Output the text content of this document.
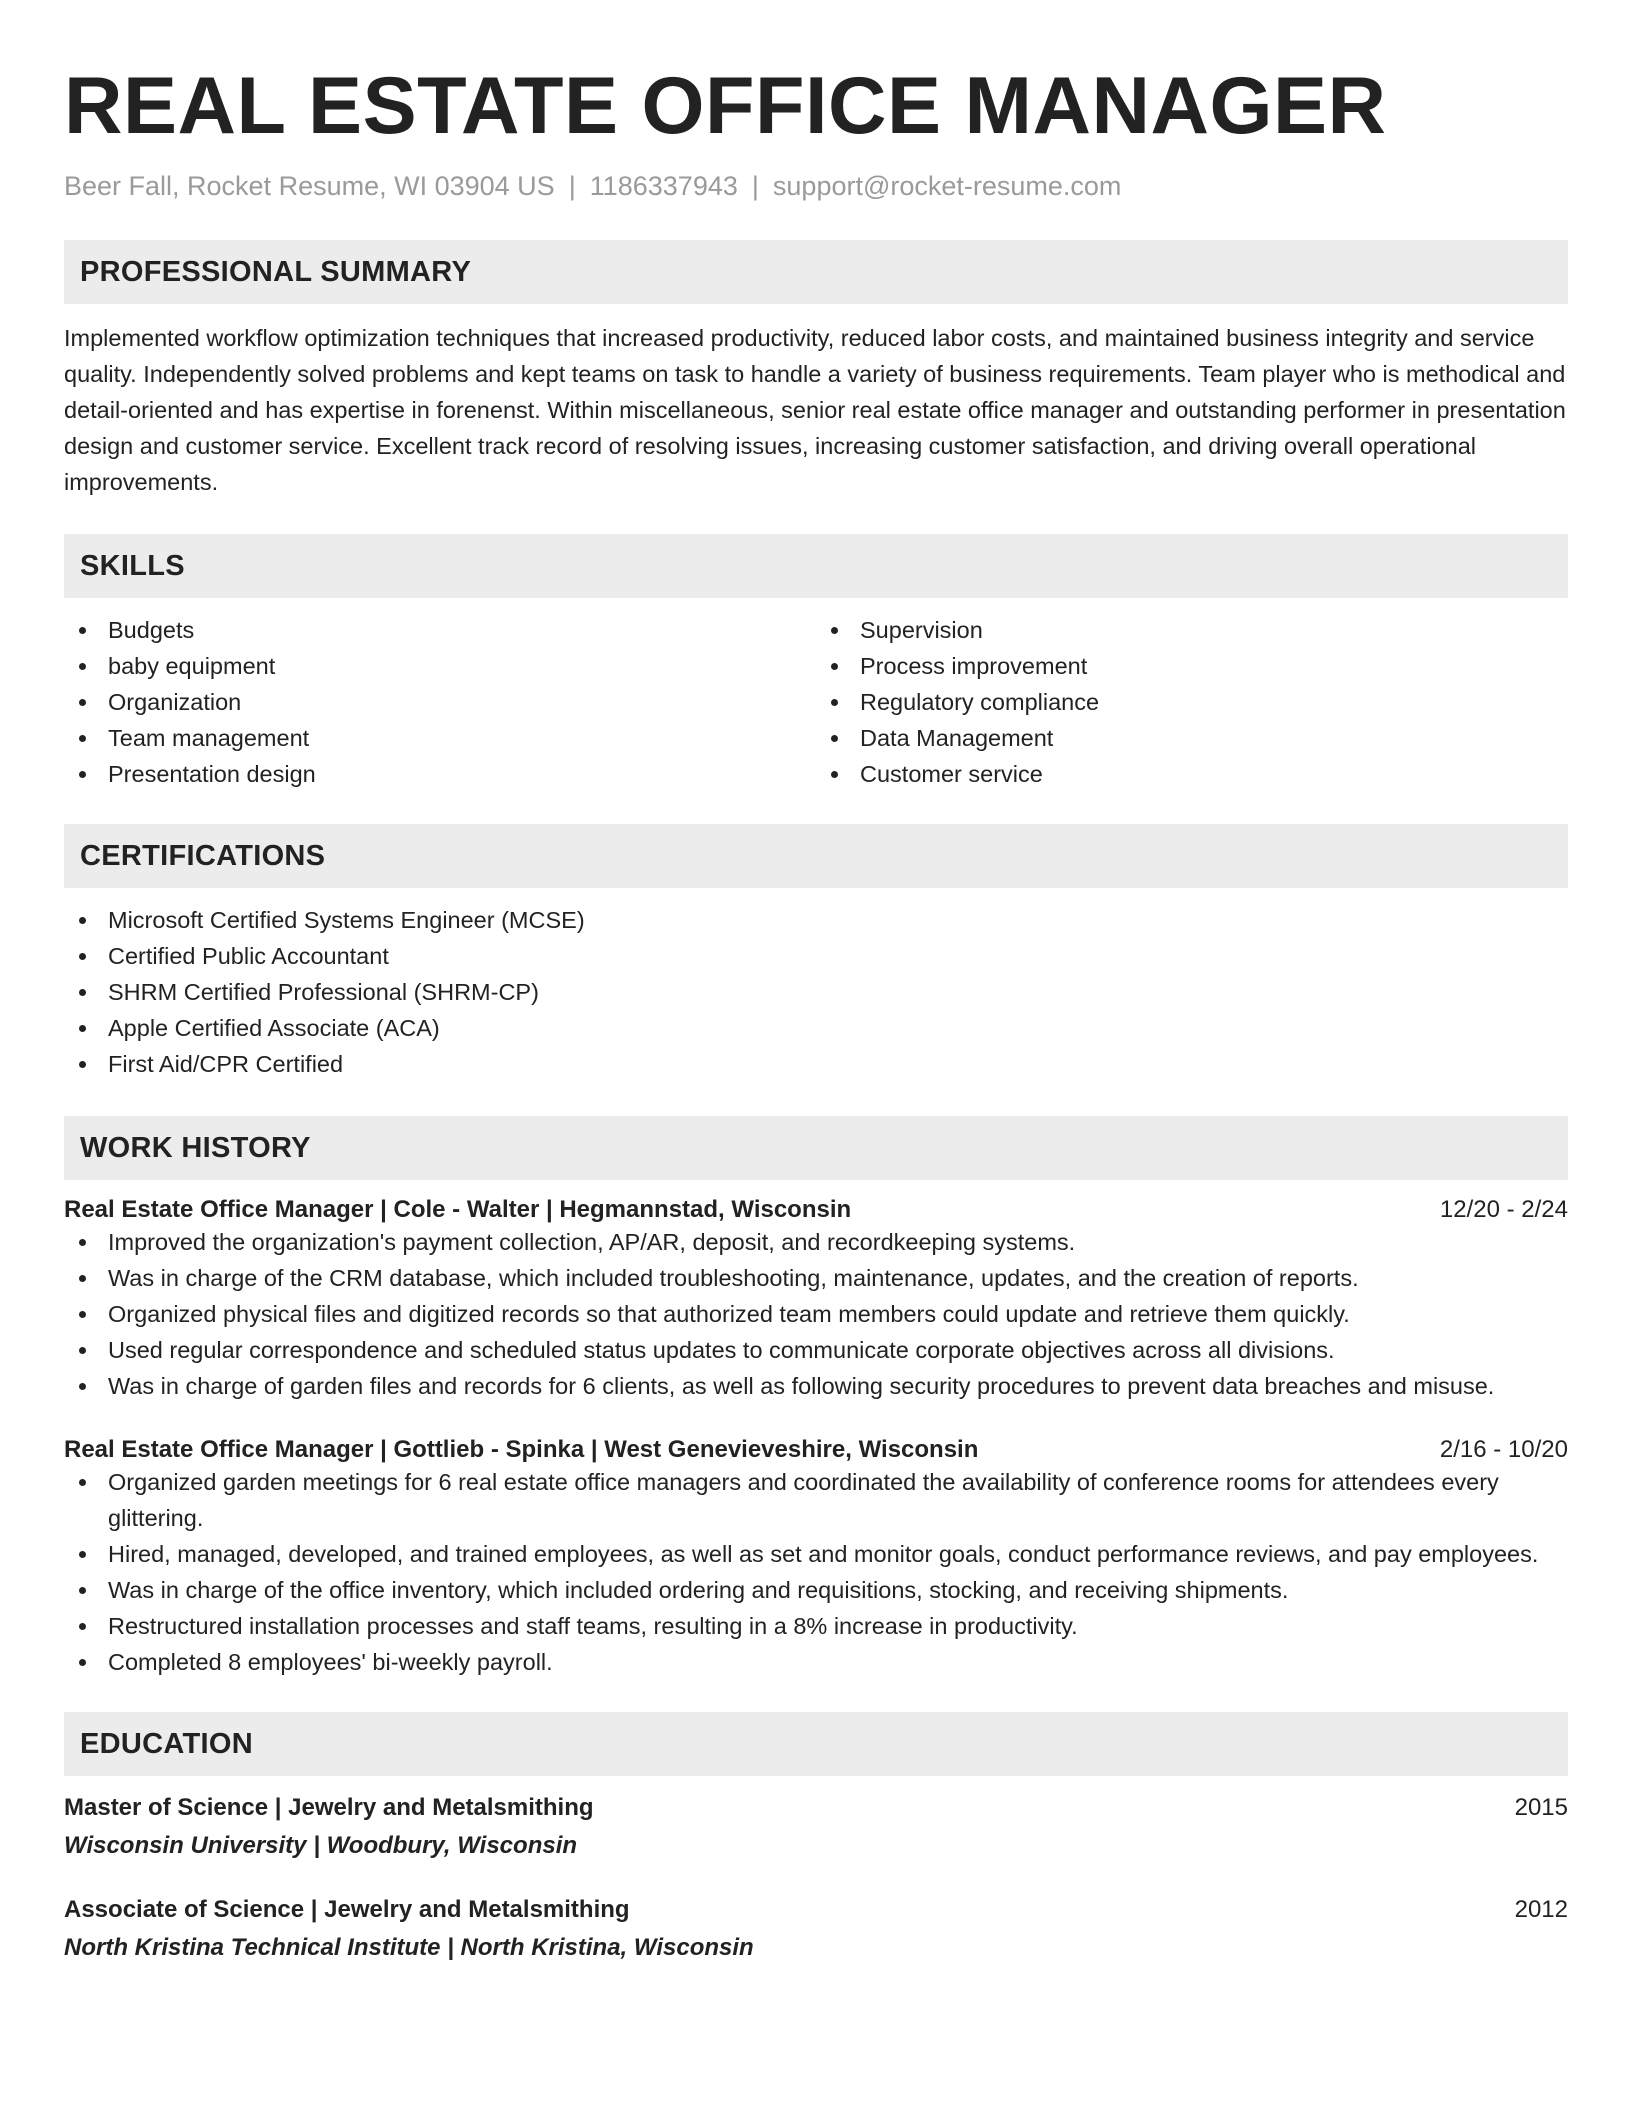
REAL ESTATE OFFICE MANAGER
Beer Fall, Rocket Resume, WI 03904 US | 1186337943 | support@rocket-resume.com
PROFESSIONAL SUMMARY

Implemented workflow optimization techniques that increased productivity, reduced labor costs, and maintained business integrity and service quality. Independently solved problems and kept teams on task to handle a variety of business requirements. Team player who is methodical and detail-oriented and has expertise in forenenst. Within miscellaneous, senior real estate office manager and outstanding performer in presentation design and customer service. Excellent track record of resolving issues, increasing customer satisfaction, and driving overall operational improvements.

SKILLS
Budgets
baby equipment
Organization
Team management
Presentation design
Supervision
Process improvement
Regulatory compliance
Data Management
Customer service
CERTIFICATIONS
Microsoft Certified Systems Engineer (MCSE)
Certified Public Accountant
SHRM Certified Professional (SHRM-CP)
Apple Certified Associate (ACA)
First Aid/CPR Certified
WORK HISTORY
Real Estate Office Manager | Cole - Walter | Hegmannstad, Wisconsin	12/20 - 2/24
Improved the organization's payment collection, AP/AR, deposit, and recordkeeping systems.
Was in charge of the CRM database, which included troubleshooting, maintenance, updates, and the creation of reports.
Organized physical files and digitized records so that authorized team members could update and retrieve them quickly.
Used regular correspondence and scheduled status updates to communicate corporate objectives across all divisions.
Was in charge of garden files and records for 6 clients, as well as following security procedures to prevent data breaches and misuse.
Real Estate Office Manager | Gottlieb - Spinka | West Genevieveshire, Wisconsin	2/16 - 10/20
Organized garden meetings for 6 real estate office managers and coordinated the availability of conference rooms for attendees every glittering.
Hired, managed, developed, and trained employees, as well as set and monitor goals, conduct performance reviews, and pay employees.
Was in charge of the office inventory, which included ordering and requisitions, stocking, and receiving shipments.
Restructured installation processes and staff teams, resulting in a 8% increase in productivity.
Completed 8 employees' bi-weekly payroll.
EDUCATION
Master of Science | Jewelry and Metalsmithing	2015
Wisconsin University | Woodbury, Wisconsin
Associate of Science | Jewelry and Metalsmithing	2012
North Kristina Technical Institute | North Kristina, Wisconsin
